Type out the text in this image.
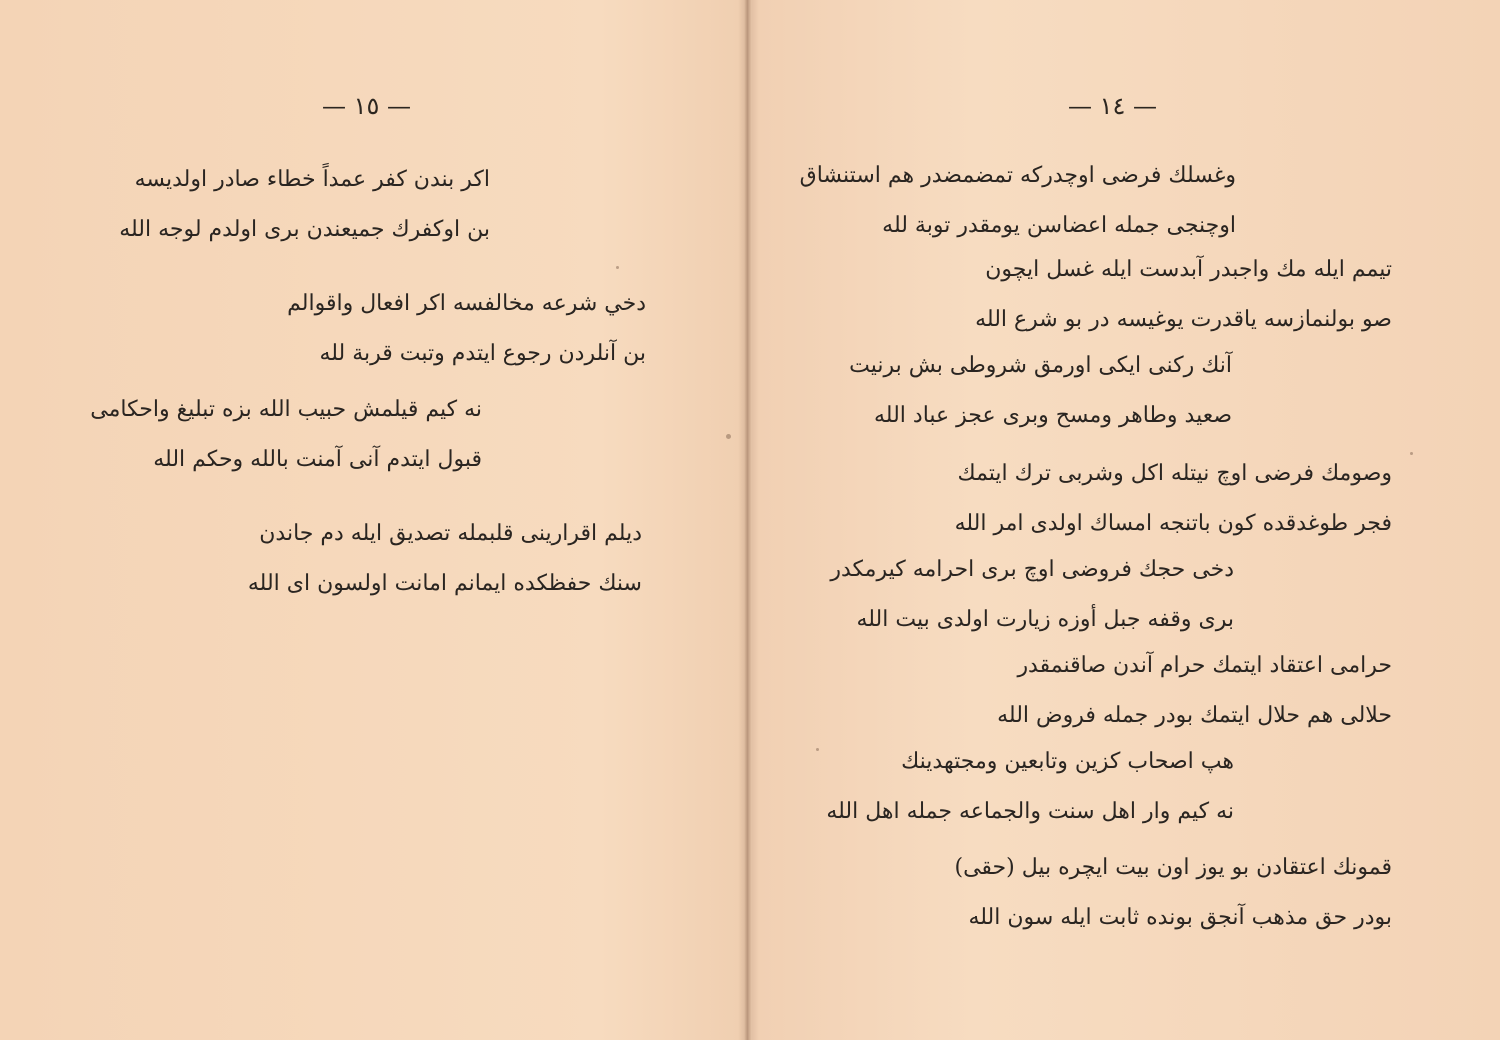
— ١٥ —
اكر بندن كفر عمداً خطاء صادر اولديسه
بن اوكفرك جميعندن برى اولدم لوجه الله
دخي شرعه مخالفسه اكر افعال واقوالم
بن آنلردن رجوع ايتدم وتبت قربة لله
نه كيم قيلمش حبيب الله بزه تبليغ واحكامى
قبول ايتدم آنى آمنت بالله وحكم الله
ديلم اقرارينى قلبمله تصديق ايله دم جاندن
سنك حفظكده ايمانم امانت اولسون اى الله
— ١٤ —
وغسلك فرضى اوچدركه تمضمضدر هم استنشاق
اوچنجى جمله اعضاسن يومقدر توبة لله
تيمم ايله مك واجبدر آبدست ايله غسل ايچون
صو بولنمازسه ياقدرت يوغيسه در بو شرع الله
آنك ركنى ايكى اورمق شروطى بش برنيت
صعيد وطاهر ومسح وبرى عجز عباد الله
وصومك فرضى اوچ نيتله اكل وشربى ترك ايتمك
فجر طوغدقده كون باتنجه امساك اولدى امر الله
دخى حجك فروضى اوچ برى احرامه كيرمكدر
برى وقفه جبل أوزه زيارت اولدى بيت الله
حرامى اعتقاد ايتمك حرام آندن صاقنمقدر
حلالى هم حلال ايتمك بودر جمله فروض الله
هپ اصحاب كزين وتابعين ومجتهدينك
نه كيم وار اهل سنت والجماعه جمله اهل الله
قمونك اعتقادن بو يوز اون بيت ايچره بيل (حقى)
بودر حق مذهب آنجق بونده ثابت ايله سون الله
